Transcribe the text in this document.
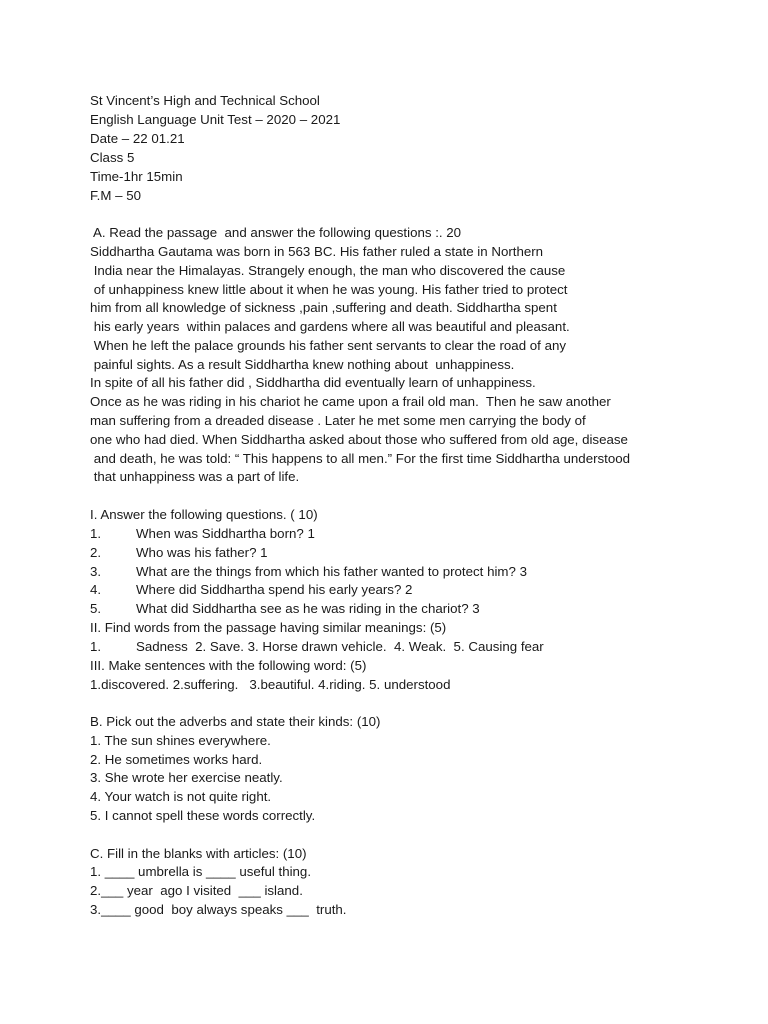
St Vincent’s High and Technical School
English Language Unit Test – 2020 – 2021
Date – 22 01.21
Class 5
Time-1hr 15min
F.M – 50
A. Read the passage  and answer the following questions :. 20
Siddhartha Gautama was born in 563 BC. His father ruled a state in Northern
India near the Himalayas. Strangely enough, the man who discovered the cause
of unhappiness knew little about it when he was young. His father tried to protect
him from all knowledge of sickness ,pain ,suffering and death. Siddhartha spent
his early years  within palaces and gardens where all was beautiful and pleasant.
When he left the palace grounds his father sent servants to clear the road of any
painful sights. As a result Siddhartha knew nothing about  unhappiness.
In spite of all his father did , Siddhartha did eventually learn of unhappiness.
Once as he was riding in his chariot he came upon a frail old man.  Then he saw another
man suffering from a dreaded disease . Later he met some men carrying the body of
one who had died. When Siddhartha asked about those who suffered from old age, disease
and death, he was told: “ This happens to all men.” For the first time Siddhartha understood
that unhappiness was a part of life.
I. Answer the following questions. ( 10)
1.	When was Siddhartha born? 1
2.	Who was his father? 1
3.	What are the things from which his father wanted to protect him? 3
4.	Where did Siddhartha spend his early years? 2
5.	What did Siddhartha see as he was riding in the chariot? 3
II. Find words from the passage having similar meanings: (5)
1.	Sadness  2. Save. 3. Horse drawn vehicle.  4. Weak.  5. Causing fear
III. Make sentences with the following word: (5)
1.discovered. 2.suffering.   3.beautiful. 4.riding. 5. understood
B. Pick out the adverbs and state their kinds: (10)
1. The sun shines everywhere.
2. He sometimes works hard.
3. She wrote her exercise neatly.
4. Your watch is not quite right.
5. I cannot spell these words correctly.
C. Fill in the blanks with articles: (10)
1. ____ umbrella is ____ useful thing.
2.___ year  ago I visited  ___ island.
3.____ good  boy always speaks ___  truth.
